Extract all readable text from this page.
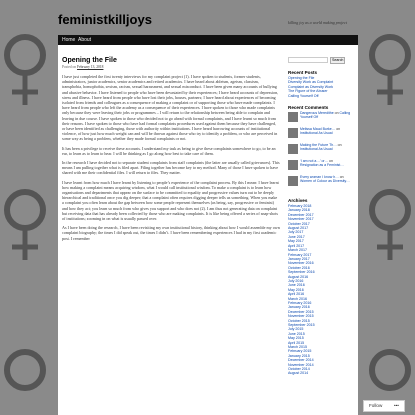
feministkilljoys	killing joy as a world making project
Home About
Opening the File
Posted on February 13, 2018

I have just completed the first twenty interviews for my complaint project (1). I have spoken to students, former students, administrators, junior academics, senior academics and retired academics. I have heard about ableism, ageism, classism, transphobia, homophobia, sexism, racism, sexual harassment, and sexual misconduct. I have been given many accounts of bullying and abusive behavior. I have listened to people who have been devastated by their experiences; I have heard accounts of depression, stress and illness. I have heard from people who have lost their jobs, houses, partners; I have heard about experiences of becoming isolated from friends and colleagues as a consequence of making a complaint or of supporting those who have made complaints. I have heard from people who left the academy as a consequence of their experiences. I have spoken to those who made complaints only because they were leaving their jobs or programmes – I will return to the relationship between being able to complain and leaving in due course. I have spoken to those who decided not to go ahead with formal complaints, and I have learnt so much from their reasons. I have spoken to those who have had formal complaints procedures used against them because they have challenged, or have been identified as challenging, those with authority within institutions. I have heard harrowing accounts of institutional violence, of how just how much weight can and will be thrown against those who try to identify a problem, or who are perceived in some way as being a problem, whether they made formal complaints or not.

It has been a privilege to receive these accounts. I understand my task as being to give these complaints somewhere to go, to be an ear, to learn as to learn to hear. I will be thinking as I go along how best to take care of them.

In the research I have decided not to separate student complaints from staff complaints (the latter are usually called grievances). This means I am pulling together what is filed apart. Filing together has become key to my method. Many of those I have spoken to have shared with me their confidential files. I will return to files. They matter.

I have learnt from how much I have learnt by listening to people’s experience of the complaint process. By this I mean: I have learnt how making a complaint means acquiring wisdom, what I would call institutional wisdom. To make a complaint is to learn how organisations and departments that appear on the surface to be committed to equality and progressive values turn out to be deeply hierarchical and traditional once you dig deeper; that a complaint often requires digging deeper tells us something. When you make a complaint you often learn about the gap between how some people represent themselves (as being, say, progressive or feminist) and how they act; you learn so much from who gives you support and who does not (2). I am thus not generating data on complaint but receiving data that has already been collected by those who are making complaints. It is like being offered a series of snap-shots of institutions; zooming in on what is usually passed over.

As I have been doing the research, I have been revisiting my own institutional history, thinking about how I would assemble my own complaint biography; the times I did speak out, the times I didn’t. I have been remembering experiences I had in my first academic post. I remember

Search
Recent Posts
Opening the File
Diversity Work as Complaint
Complaint as Diversity Work
The Figure of the Abuser
Calling Yourself Off
Recent Comments
Dangerous Meredithe on Calling Yourself Off
Melissa Maud Burke… on Institutional As Usual
Making the Future Th… on Institutional As Usual
‘I am not a…’ or… on Resignation as a Feminist…
Every woman I know h… on Women of Colour as Diversity…
Archives
February 2018
January 2018
December 2017
November 2017
October 2017
August 2017
July 2017
June 2017
May 2017
April 2017
March 2017
February 2017
January 2017
November 2016
October 2016
September 2016
August 2016
July 2016
June 2016
May 2016
April 2016
March 2016
February 2016
January 2016
December 2015
November 2015
October 2015
September 2015
July 2015
June 2015
May 2015
April 2015
March 2015
February 2015
January 2015
December 2014
November 2014
October 2014
August 2014
Follow	•••
